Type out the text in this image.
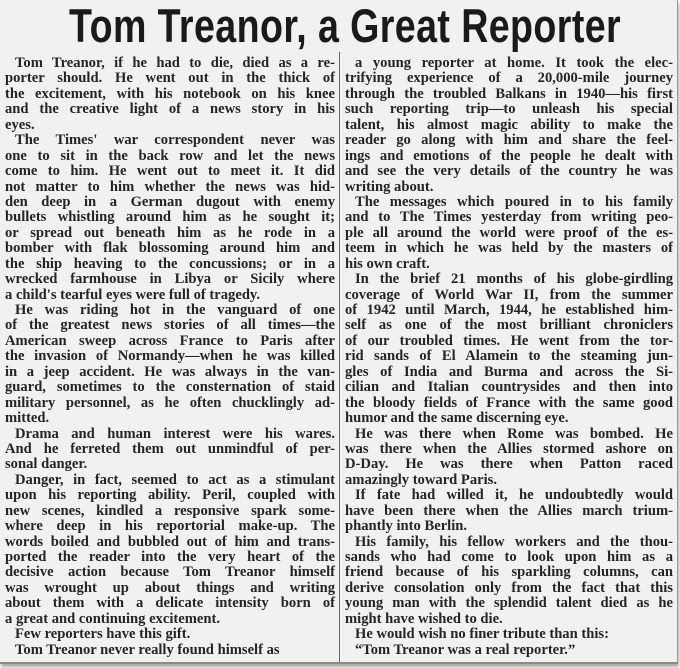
Tom Treanor, a Great Reporter
Tom Treanor, if he had to die, died as a re-
porter should. He went out in the thick of
the excitement, with his notebook on his knee
and the creative light of a news story in his
eyes.
The Times' war correspondent never was
one to sit in the back row and let the news
come to him. He went out to meet it. It did
not matter to him whether the news was hid-
den deep in a German dugout with enemy
bullets whistling around him as he sought it;
or spread out beneath him as he rode in a
bomber with flak blossoming around him and
the ship heaving to the concussions; or in a
wrecked farmhouse in Libya or Sicily where
a child's tearful eyes were full of tragedy.
He was riding hot in the vanguard of one
of the greatest news stories of all times—the
American sweep across France to Paris after
the invasion of Normandy—when he was killed
in a jeep accident. He was always in the van-
guard, sometimes to the consternation of staid
military personnel, as he often chucklingly ad-
mitted.
Drama and human interest were his wares.
And he ferreted them out unmindful of per-
sonal danger.
Danger, in fact, seemed to act as a stimulant
upon his reporting ability. Peril, coupled with
new scenes, kindled a responsive spark some-
where deep in his reportorial make-up. The
words boiled and bubbled out of him and trans-
ported the reader into the very heart of the
decisive action because Tom Treanor himself
was wrought up about things and writing
about them with a delicate intensity born of
a great and continuing excitement.
Few reporters have this gift.
Tom Treanor never really found himself as
a young reporter at home. It took the elec-
trifying experience of a 20,000-mile journey
through the troubled Balkans in 1940—his first
such reporting trip—to unleash his special
talent, his almost magic ability to make the
reader go along with him and share the feel-
ings and emotions of the people he dealt with
and see the very details of the country he was
writing about.
The messages which poured in to his family
and to The Times yesterday from writing peo-
ple all around the world were proof of the es-
teem in which he was held by the masters of
his own craft.
In the brief 21 months of his globe-girdling
coverage of World War II, from the summer
of 1942 until March, 1944, he established him-
self as one of the most brilliant chroniclers
of our troubled times. He went from the tor-
rid sands of El Alamein to the steaming jun-
gles of India and Burma and across the Si-
cilian and Italian countrysides and then into
the bloody fields of France with the same good
humor and the same discerning eye.
He was there when Rome was bombed. He
was there when the Allies stormed ashore on
D-Day. He was there when Patton raced
amazingly toward Paris.
If fate had willed it, he undoubtedly would
have been there when the Allies march trium-
phantly into Berlin.
His family, his fellow workers and the thou-
sands who had come to look upon him as a
friend because of his sparkling columns, can
derive consolation only from the fact that this
young man with the splendid talent died as he
might have wished to die.
He would wish no finer tribute than this:
“Tom Treanor was a real reporter.”
